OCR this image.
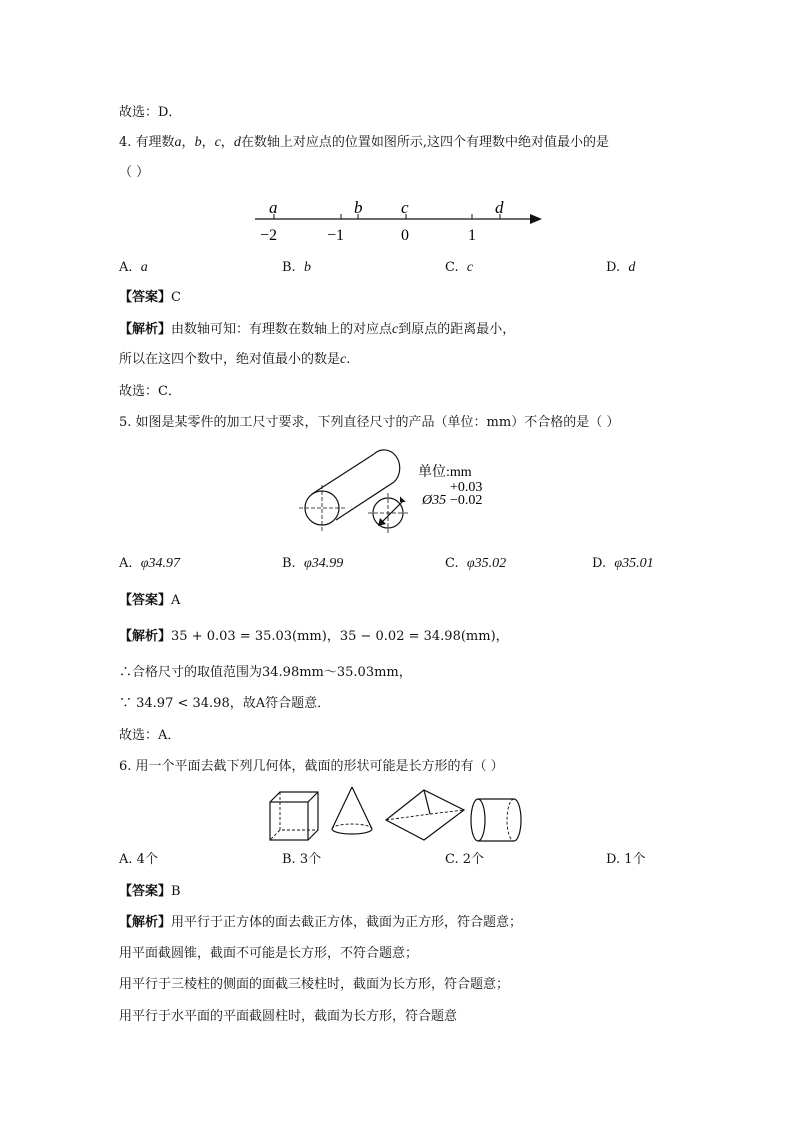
故选：D．
4. 有理数a，b，c，d在数轴上对应点的位置如图所示,这四个有理数中绝对值最小的是
（ ）
a	b c	d
−2	−1	0	1
A. a	B. b	C. c	D. d
【答案】C
【解析】由数轴可知：有理数在数轴上的对应点c到原点的距离最小，
所以在这四个数中，绝对值最小的数是c.
故选：C．
5. 如图是某零件的加工尺寸要求，下列直径尺寸的产品（单位：mm）不合格的是（ ）
单位:mm
+0.03
Ø35 −0.02
A. φ34.97	B. φ34.99	C. φ35.02	D. φ35.01
【答案】A
【解析】35 + 0.03 = 35.03(mm)，35 − 0.02 = 34.98(mm)，
∴合格尺寸的取值范围为34.98mm～35.03mm，
∵ 34.97 < 34.98，故A符合题意．
故选：A．
6. 用一个平面去截下列几何体，截面的形状可能是长方形的有（ ）
A. 4个	B. 3个	C. 2个	D. 1个
【答案】B
【解析】用平行于正方体的面去截正方体，截面为正方形，符合题意；
用平面截圆锥，截面不可能是长方形，不符合题意；
用平行于三棱柱的侧面的面截三棱柱时，截面为长方形，符合题意；
用平行于水平面的平面截圆柱时，截面为长方形，符合题意
